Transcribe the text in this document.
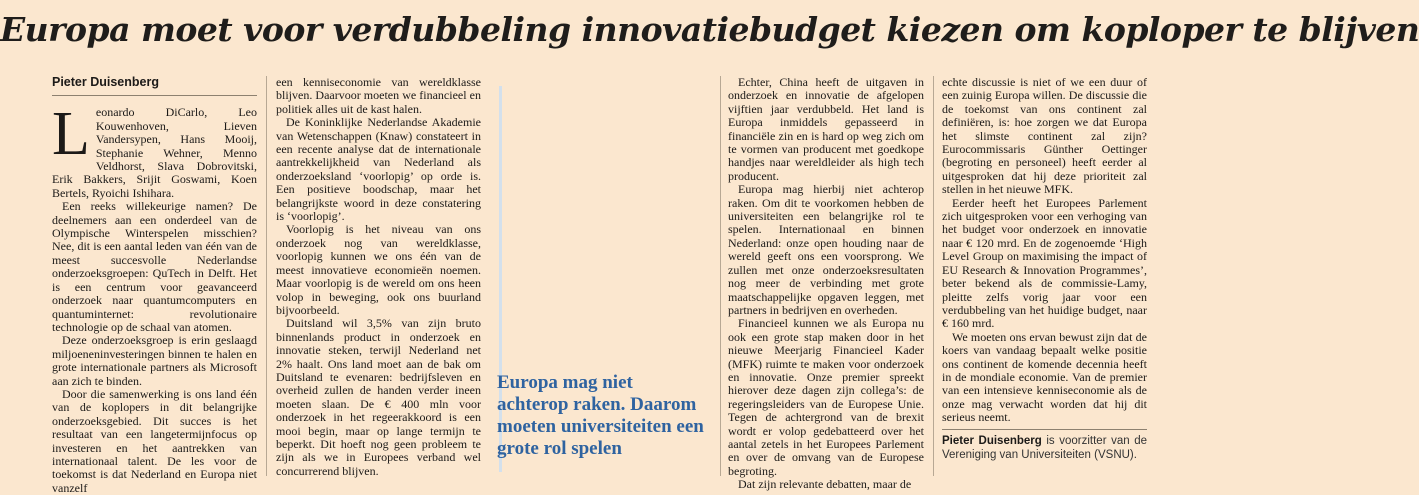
Europa moet voor verdubbeling innovatiebudget kiezen om koploper te blijven
Pieter Duisenberg

Leonardo DiCarlo, Leo Kouwenhoven, Lieven Vandersypen, Hans Mooij, Stephanie Wehner, Menno Veldhorst, Slava Dobrovitski, Erik Bakkers, Srijit Goswami, Koen Bertels, Ryoichi Ishihara.

Een reeks willekeurige namen? De deelnemers aan een onderdeel van de Olympische Winterspelen misschien? Nee, dit is een aantal leden van één van de meest succesvolle Nederlandse onderzoeksgroepen: QuTech in Delft. Het is een centrum voor geavanceerd onderzoek naar quantumcomputers en quantuminternet: revolutionaire technologie op de schaal van atomen.

Deze onderzoeksgroep is erin geslaagd miljoeneninvesteringen binnen te halen en grote internationale partners als Microsoft aan zich te binden.

Door die samenwerking is ons land één van de koplopers in dit belangrijke onderzoeksgebied. Dit succes is het resultaat van een langetermijnfocus op investeren en het aantrekken van internationaal talent. De les voor de toekomst is dat Nederland en Europa niet vanzelf

een kenniseconomie van wereldklasse blijven. Daarvoor moeten we financieel en politiek alles uit de kast halen.

De Koninklijke Nederlandse Akademie van Wetenschappen (Knaw) constateert in een recente analyse dat de internationale aantrekkelijkheid van Nederland als onderzoeksland ‘voorlopig’ op orde is. Een positieve boodschap, maar het belangrijkste woord in deze constatering is ‘voorlopig’.

Voorlopig is het niveau van ons onderzoek nog van wereldklasse, voorlopig kunnen we ons één van de meest innovatieve economieën noemen. Maar voorlopig is de wereld om ons heen volop in beweging, ook ons buurland bijvoorbeeld.

Duitsland wil 3,5% van zijn bruto binnenlands product in onderzoek en innovatie steken, terwijl Nederland net 2% haalt. Ons land moet aan de bak om Duitsland te evenaren: bedrijfsleven en overheid zullen de handen verder ineen moeten slaan. De € 400 mln voor onderzoek in het regeerakkoord is een mooi begin, maar op lange termijn te beperkt. Dit hoeft nog geen probleem te zijn als we in Europees verband wel concurrerend blijven.

Europa mag niet achterop raken. Daarom moeten universiteiten een grote rol spelen

Echter, China heeft de uitgaven in onderzoek en innovatie de afgelopen vijftien jaar verdubbeld. Het land is Europa inmiddels gepasseerd in financiële zin en is hard op weg zich om te vormen van producent met goedkope handjes naar wereldleider als high tech producent.

Europa mag hierbij niet achterop raken. Om dit te voorkomen hebben de universiteiten een belangrijke rol te spelen. Internationaal en binnen Nederland: onze open houding naar de wereld geeft ons een voorsprong. We zullen met onze onderzoeksresultaten nog meer de verbinding met grote maatschappelijke opgaven leggen, met partners in bedrijven en overheden.

Financieel kunnen we als Europa nu ook een grote stap maken door in het nieuwe Meerjarig Financieel Kader (MFK) ruimte te maken voor onderzoek en innovatie. Onze premier spreekt hierover deze dagen zijn collega’s: de regeringsleiders van de Europese Unie. Tegen de achtergrond van de brexit wordt er volop gedebatteerd over het aantal zetels in het Europees Parlement en over de omvang van de Europese begroting.

Dat zijn relevante debatten, maar de

echte discussie is niet of we een duur of een zuinig Europa willen. De discussie die de toekomst van ons continent zal definiëren, is: hoe zorgen we dat Europa het slimste continent zal zijn? Eurocommissaris Günther Oettinger (begroting en personeel) heeft eerder al uitgesproken dat hij deze prioriteit zal stellen in het nieuwe MFK.

Eerder heeft het Europees Parlement zich uitgesproken voor een verhoging van het budget voor onderzoek en innovatie naar € 120 mrd. En de zogenoemde ‘High Level Group on maximising the impact of EU Research & Innovation Programmes’, beter bekend als de commissie-Lamy, pleitte zelfs vorig jaar voor een verdubbeling van het huidige budget, naar € 160 mrd.

We moeten ons ervan bewust zijn dat de koers van vandaag bepaalt welke positie ons continent de komende decennia heeft in de mondiale economie. Van de premier van een intensieve kenniseconomie als de onze mag verwacht worden dat hij dit serieus neemt.

Pieter Duisenberg is voorzitter van de Vereniging van Universiteiten (VSNU).
